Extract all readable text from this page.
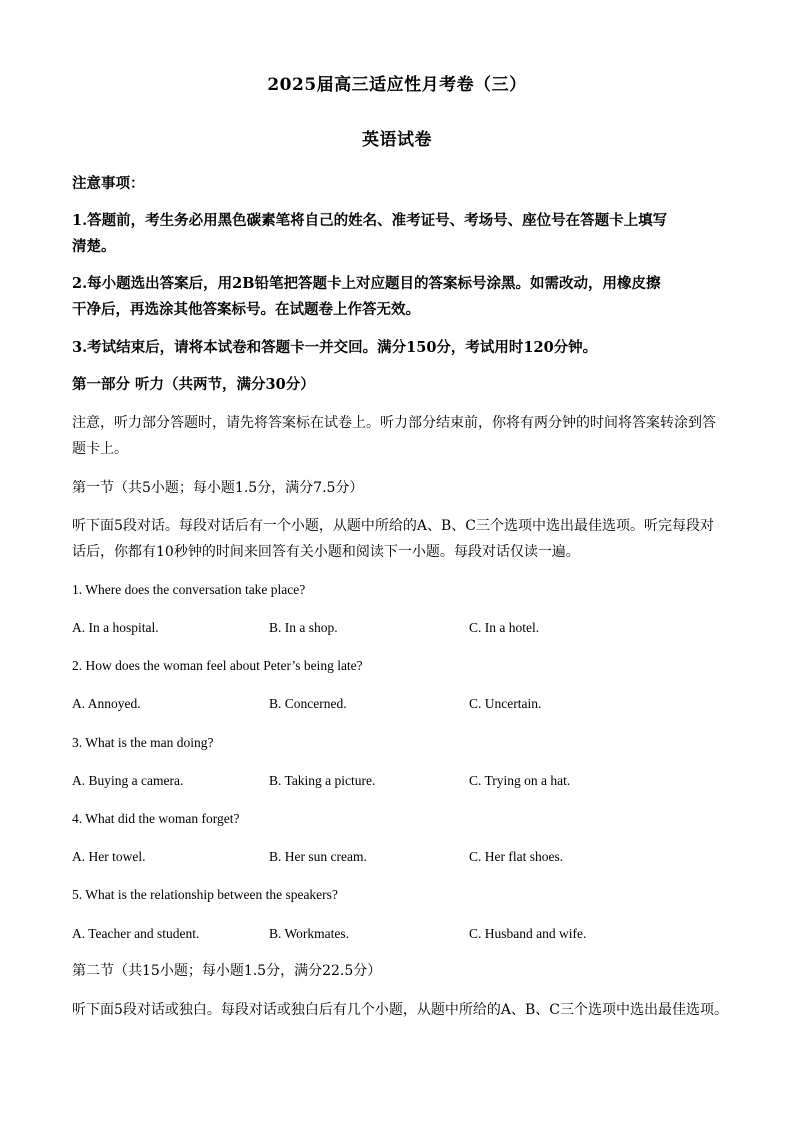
2025届高三适应性月考卷（三）
英语试卷
注意事项：
1.答题前，考生务必用黑色碳素笔将自己的姓名、准考证号、考场号、座位号在答题卡上填写
清楚。
2.每小题选出答案后，用2B铅笔把答题卡上对应题目的答案标号涂黑。如需改动，用橡皮擦
干净后，再选涂其他答案标号。在试题卷上作答无效。
3.考试结束后，请将本试卷和答题卡一并交回。满分150分，考试用时120分钟。
第一部分 听力（共两节，满分30分）
注意，听力部分答题时，请先将答案标在试卷上。听力部分结束前，你将有两分钟的时间将答案转涂到答
题卡上。
第一节（共5小题；每小题1.5分，满分7.5分）
听下面5段对话。每段对话后有一个小题，从题中所给的A、B、C三个选项中选出最佳选项。听完每段对
话后，你都有10秒钟的时间来回答有关小题和阅读下一小题。每段对话仅读一遍。
1. Where does the conversation take place?
A. In a hospital.	B. In a shop.	C. In a hotel.
2. How does the woman feel about Peter’s being late?
A. Annoyed.	B. Concerned.	C. Uncertain.
3. What is the man doing?
A. Buying a camera.	B. Taking a picture.	C. Trying on a hat.
4. What did the woman forget?
A. Her towel.	B. Her sun cream.	C. Her flat shoes.
5. What is the relationship between the speakers?
A. Teacher and student.	B. Workmates.	C. Husband and wife.
第二节（共15小题；每小题1.5分，满分22.5分）
听下面5段对话或独白。每段对话或独白后有几个小题，从题中所给的A、B、C三个选项中选出最佳选项。
